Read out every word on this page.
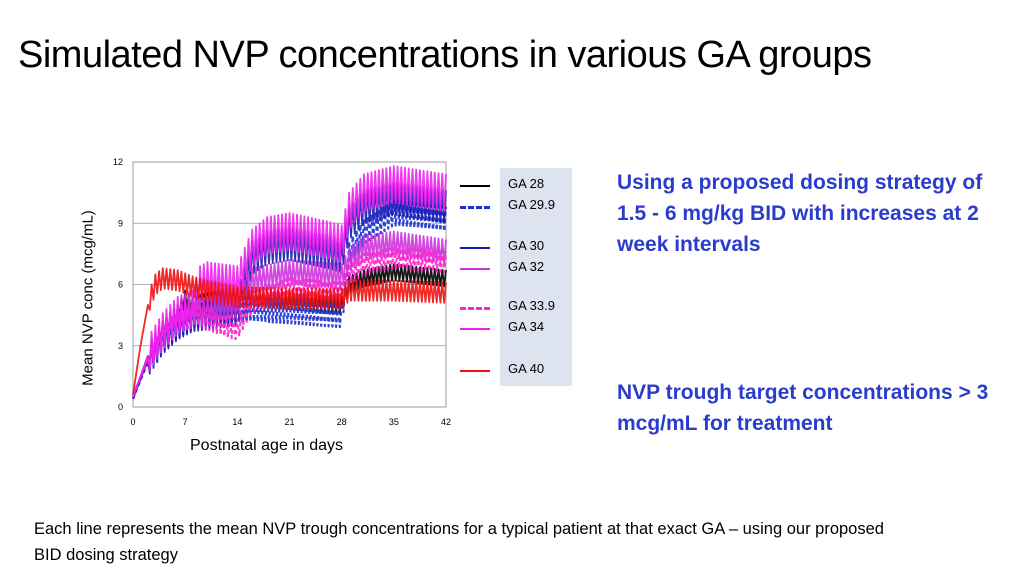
Simulated NVP concentrations in various GA groups
Mean NVP conc (mcg/mL)
0
3
6
9
12
0	7	14	21	28	35	42
Postnatal age in days
GA 28
GA 29.9
GA 30
GA 32
GA 33.9
GA 34
GA 40
Using a proposed dosing strategy of 1.5 - 6 mg/kg BID with increases at 2 week intervals
NVP trough target concentrations > 3 mcg/mL for treatment
Each line represents the mean NVP trough concentrations for a typical patient at that exact GA – using our proposed BID dosing strategy
